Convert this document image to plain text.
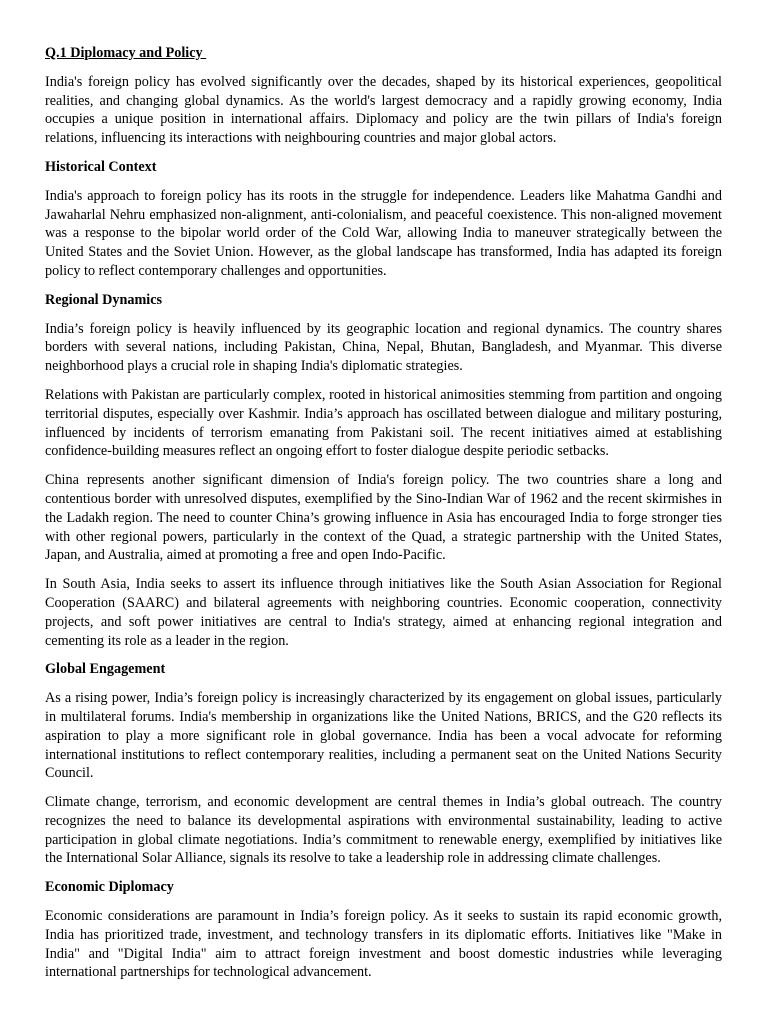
Q.1 Diplomacy and Policy

India's foreign policy has evolved significantly over the decades, shaped by its historical experiences, geopolitical realities, and changing global dynamics. As the world's largest democracy and a rapidly growing economy, India occupies a unique position in international affairs. Diplomacy and policy are the twin pillars of India's foreign relations, influencing its interactions with neighbouring countries and major global actors.

Historical Context

India's approach to foreign policy has its roots in the struggle for independence. Leaders like Mahatma Gandhi and Jawaharlal Nehru emphasized non-alignment, anti-colonialism, and peaceful coexistence. This non-aligned movement was a response to the bipolar world order of the Cold War, allowing India to maneuver strategically between the United States and the Soviet Union. However, as the global landscape has transformed, India has adapted its foreign policy to reflect contemporary challenges and opportunities.

Regional Dynamics

India’s foreign policy is heavily influenced by its geographic location and regional dynamics. The country shares borders with several nations, including Pakistan, China, Nepal, Bhutan, Bangladesh, and Myanmar. This diverse neighborhood plays a crucial role in shaping India's diplomatic strategies.

Relations with Pakistan are particularly complex, rooted in historical animosities stemming from partition and ongoing territorial disputes, especially over Kashmir. India’s approach has oscillated between dialogue and military posturing, influenced by incidents of terrorism emanating from Pakistani soil. The recent initiatives aimed at establishing confidence-building measures reflect an ongoing effort to foster dialogue despite periodic setbacks.

China represents another significant dimension of India's foreign policy. The two countries share a long and contentious border with unresolved disputes, exemplified by the Sino-Indian War of 1962 and the recent skirmishes in the Ladakh region. The need to counter China’s growing influence in Asia has encouraged India to forge stronger ties with other regional powers, particularly in the context of the Quad, a strategic partnership with the United States, Japan, and Australia, aimed at promoting a free and open Indo-Pacific.

In South Asia, India seeks to assert its influence through initiatives like the South Asian Association for Regional Cooperation (SAARC) and bilateral agreements with neighboring countries. Economic cooperation, connectivity projects, and soft power initiatives are central to India's strategy, aimed at enhancing regional integration and cementing its role as a leader in the region.

Global Engagement

As a rising power, India’s foreign policy is increasingly characterized by its engagement on global issues, particularly in multilateral forums. India's membership in organizations like the United Nations, BRICS, and the G20 reflects its aspiration to play a more significant role in global governance. India has been a vocal advocate for reforming international institutions to reflect contemporary realities, including a permanent seat on the United Nations Security Council.

Climate change, terrorism, and economic development are central themes in India’s global outreach. The country recognizes the need to balance its developmental aspirations with environmental sustainability, leading to active participation in global climate negotiations. India’s commitment to renewable energy, exemplified by initiatives like the International Solar Alliance, signals its resolve to take a leadership role in addressing climate challenges.

Economic Diplomacy

Economic considerations are paramount in India’s foreign policy. As it seeks to sustain its rapid economic growth, India has prioritized trade, investment, and technology transfers in its diplomatic efforts. Initiatives like "Make in India" and "Digital India" aim to attract foreign investment and boost domestic industries while leveraging international partnerships for technological advancement.
